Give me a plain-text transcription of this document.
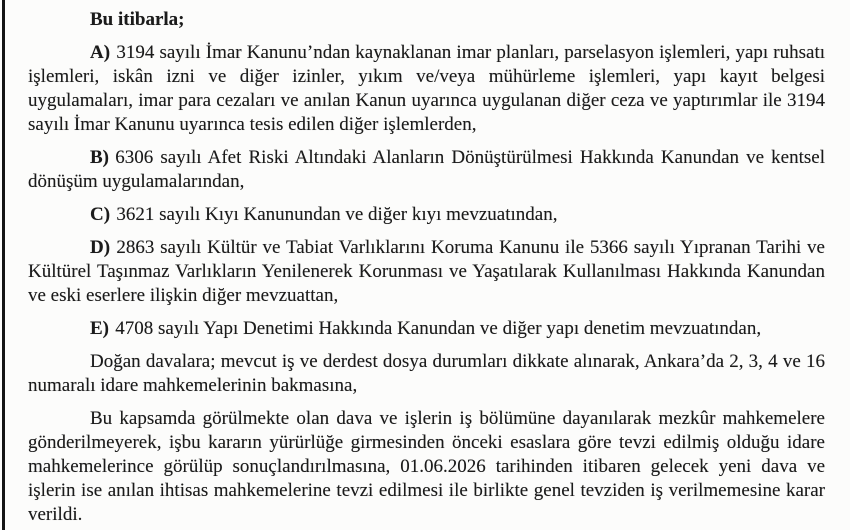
Bu itibarla;

A) 3194 sayılı İmar Kanunu’ndan kaynaklanan imar planları, parselasyon işlemleri, yapı ruhsatı işlemleri, iskân izni ve diğer izinler, yıkım ve/veya mühürleme işlemleri, yapı kayıt belgesi uygulamaları, imar para cezaları ve anılan Kanun uyarınca uygulanan diğer ceza ve yaptırımlar ile 3194 sayılı İmar Kanunu uyarınca tesis edilen diğer işlemlerden,

B) 6306 sayılı Afet Riski Altındaki Alanların Dönüştürülmesi Hakkında Kanundan ve kentsel dönüşüm uygulamalarından,

C) 3621 sayılı Kıyı Kanunundan ve diğer kıyı mevzuatından,

D) 2863 sayılı Kültür ve Tabiat Varlıklarını Koruma Kanunu ile 5366 sayılı Yıpranan Tarihi ve Kültürel Taşınmaz Varlıkların Yenilenerek Korunması ve Yaşatılarak Kullanılması Hakkında Kanundan ve eski eserlere ilişkin diğer mevzuattan,

E) 4708 sayılı Yapı Denetimi Hakkında Kanundan ve diğer yapı denetim mevzuatından,

Doğan davalara; mevcut iş ve derdest dosya durumları dikkate alınarak, Ankara’da 2, 3, 4 ve 16 numaralı idare mahkemelerinin bakmasına,

Bu kapsamda görülmekte olan dava ve işlerin iş bölümüne dayanılarak mezkûr mahkemelere gönderilmeyerek, işbu kararın yürürlüğe girmesinden önceki esaslara göre tevzi edilmiş olduğu idare mahkemelerince görülüp sonuçlandırılmasına, 01.06.2026 tarihinden itibaren gelecek yeni dava ve işlerin ise anılan ihtisas mahkemelerine tevzi edilmesi ile birlikte genel tevziden iş verilmemesine karar verildi.
